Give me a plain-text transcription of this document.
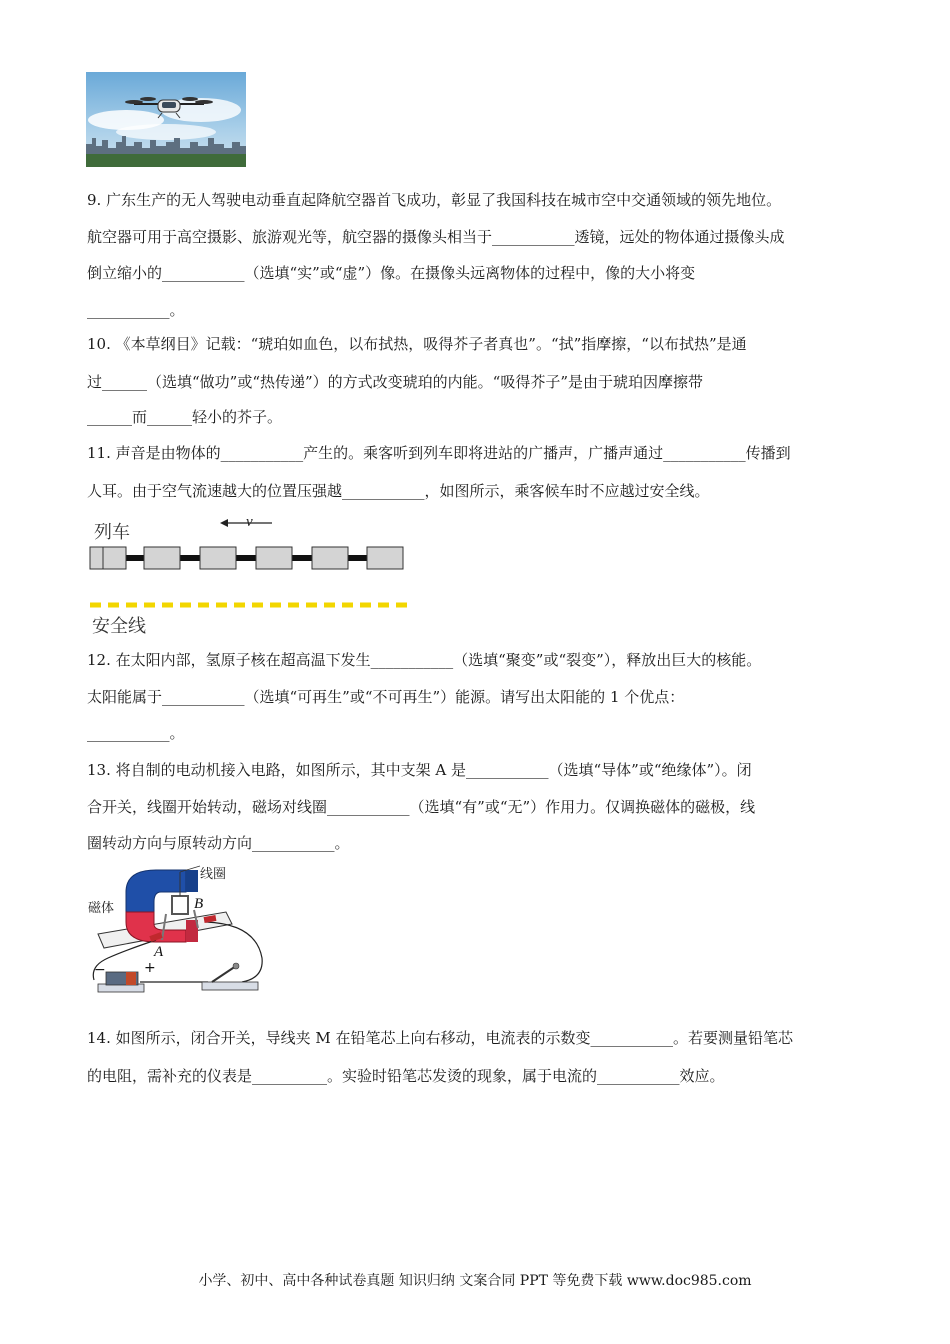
9. 广东生产的无人驾驶电动垂直起降航空器首飞成功，彰显了我国科技在城市空中交通领域的领先地位。
航空器可用于高空摄影、旅游观光等，航空器的摄像头相当于___________透镜，远处的物体通过摄像头成
倒立缩小的___________（选填“实”或“虚”）像。在摄像头远离物体的过程中，像的大小将变
___________。
10. 《本草纲目》记载：“琥珀如血色，以布拭热，吸得芥子者真也”。“拭”指摩擦，“以布拭热”是通
过______（选填“做功”或“热传递”）的方式改变琥珀的内能。“吸得芥子”是由于琥珀因摩擦带
______而______轻小的芥子。
11. 声音是由物体的___________产生的。乘客听到列车即将进站的广播声，广播声通过___________传播到
人耳。由于空气流速越大的位置压强越___________，如图所示，乘客候车时不应越过安全线。
列车	v
安全线
12. 在太阳内部，氢原子核在超高温下发生___________（选填“聚变”或“裂变”），释放出巨大的核能。
太阳能属于___________（选填“可再生”或“不可再生”）能源。请写出太阳能的 1 个优点：
___________。
13. 将自制的电动机接入电路，如图所示，其中支架 A 是___________（选填“导体”或“绝缘体”）。闭
合开关，线圈开始转动，磁场对线圈___________（选填“有”或“无”）作用力。仅调换磁体的磁极，线
圈转动方向与原转动方向___________。
线圈
磁体	B
A
−	+
14. 如图所示，闭合开关，导线夹 M 在铅笔芯上向右移动，电流表的示数变___________。若要测量铅笔芯
的电阻，需补充的仪表是__________。实验时铅笔芯发烫的现象，属于电流的___________效应。
小学、初中、高中各种试卷真题 知识归纳 文案合同 PPT 等免费下载 www.doc985.com
